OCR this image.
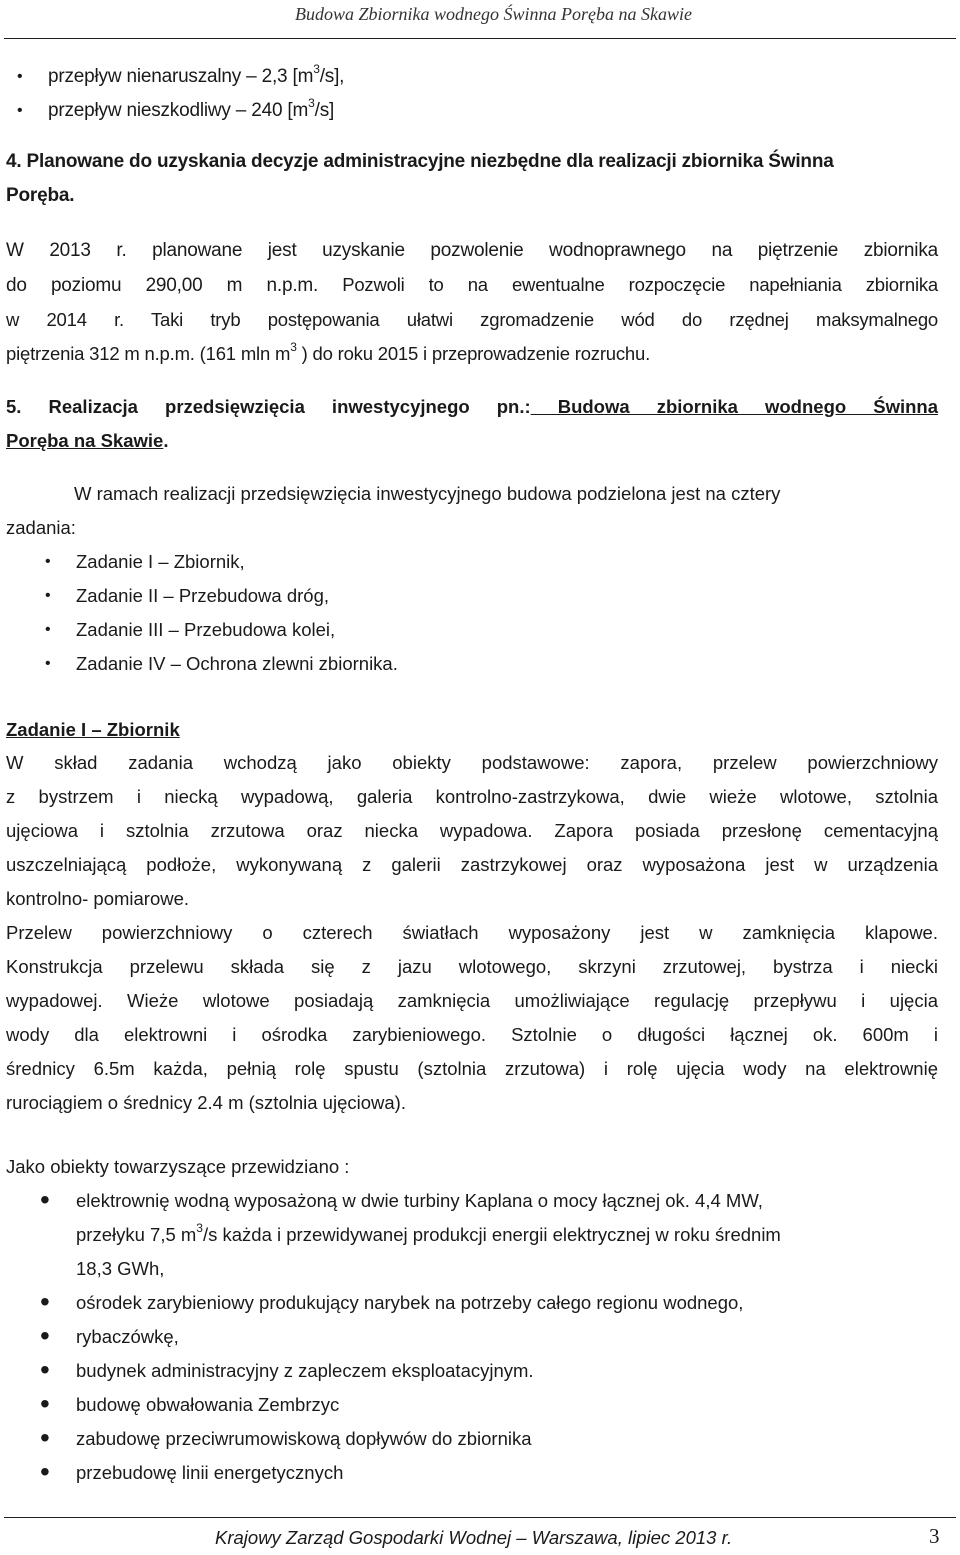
Budowa Zbiornika wodnego Świnna Poręba na Skawie
• przepływ nienaruszalny – 2,3 $[m^3/s]$,
• przepływ nieszkodliwy – 240 $[m^3/s]$
4. Planowane do uzyskania decyzje administracyjne niezbędne dla realizacji zbiornika Świnna
Poręba.
W 2013 r. planowane jest uzyskanie pozwolenie wodnoprawnego na piętrzenie zbiornika
do poziomu 290,00 m n.p.m. Pozwoli to na ewentualne rozpoczęcie napełniania zbiornika
w 2014 r. Taki tryb postępowania ułatwi zgromadzenie wód do rzędnej maksymalnego
piętrzenia 312 m n.p.m. (161 mln $m^3$ ) do roku 2015 i przeprowadzenie rozruchu.
5. Realizacja przedsięwzięcia inwestycyjnego pn.: Budowa zbiornika wodnego Świnna
Poręba na Skawie.
W ramach realizacji przedsięwzięcia inwestycyjnego budowa podzielona jest na cztery
zadania:
• Zadanie I – Zbiornik,
• Zadanie II – Przebudowa dróg,
• Zadanie III – Przebudowa kolei,
• Zadanie IV – Ochrona zlewni zbiornika.
Zadanie I – Zbiornik
W skład zadania wchodzą jako obiekty podstawowe: zapora, przelew powierzchniowy
z bystrzem i niecką wypadową, galeria kontrolno-zastrzykowa, dwie wieże wlotowe, sztolnia
ujęciowa i sztolnia zrzutowa oraz niecka wypadowa. Zapora posiada przesłonę cementacyjną
uszczelniającą podłoże, wykonywaną z galerii zastrzykowej oraz wyposażona jest w urządzenia
kontrolno- pomiarowe.
Przelew powierzchniowy o czterech światłach wyposażony jest w zamknięcia klapowe.
Konstrukcja przelewu składa się z jazu wlotowego, skrzyni zrzutowej, bystrza i niecki
wypadowej. Wieże wlotowe posiadają zamknięcia umożliwiające regulację przepływu i ujęcia
wody dla elektrowni i ośrodka zarybieniowego. Sztolnie o długości łącznej ok. 600m i
średnicy 6.5m każda, pełnią rolę spustu (sztolnia zrzutowa) i rolę ujęcia wody na elektrownię
rurociągiem o średnicy 2.4 m (sztolnia ujęciowa).
Jako obiekty towarzyszące przewidziano :
• elektrownię wodną wyposażoną w dwie turbiny Kaplana o mocy łącznej ok. 4,4 MW,
przełyku 7,5 $m^3/s$ każda i przewidywanej produkcji energii elektrycznej w roku średnim
18,3 GWh,
• ośrodek zarybieniowy produkujący narybek na potrzeby całego regionu wodnego,
• rybaczówkę,
• budynek administracyjny z zapleczem eksploatacyjnym.
• budowę obwałowania Zembrzyc
• zabudowę przeciwrumowiskową dopływów do zbiornika
• przebudowę linii energetycznych
Krajowy Zarząd Gospodarki Wodnej – Warszawa, lipiec 2013 r.	3
